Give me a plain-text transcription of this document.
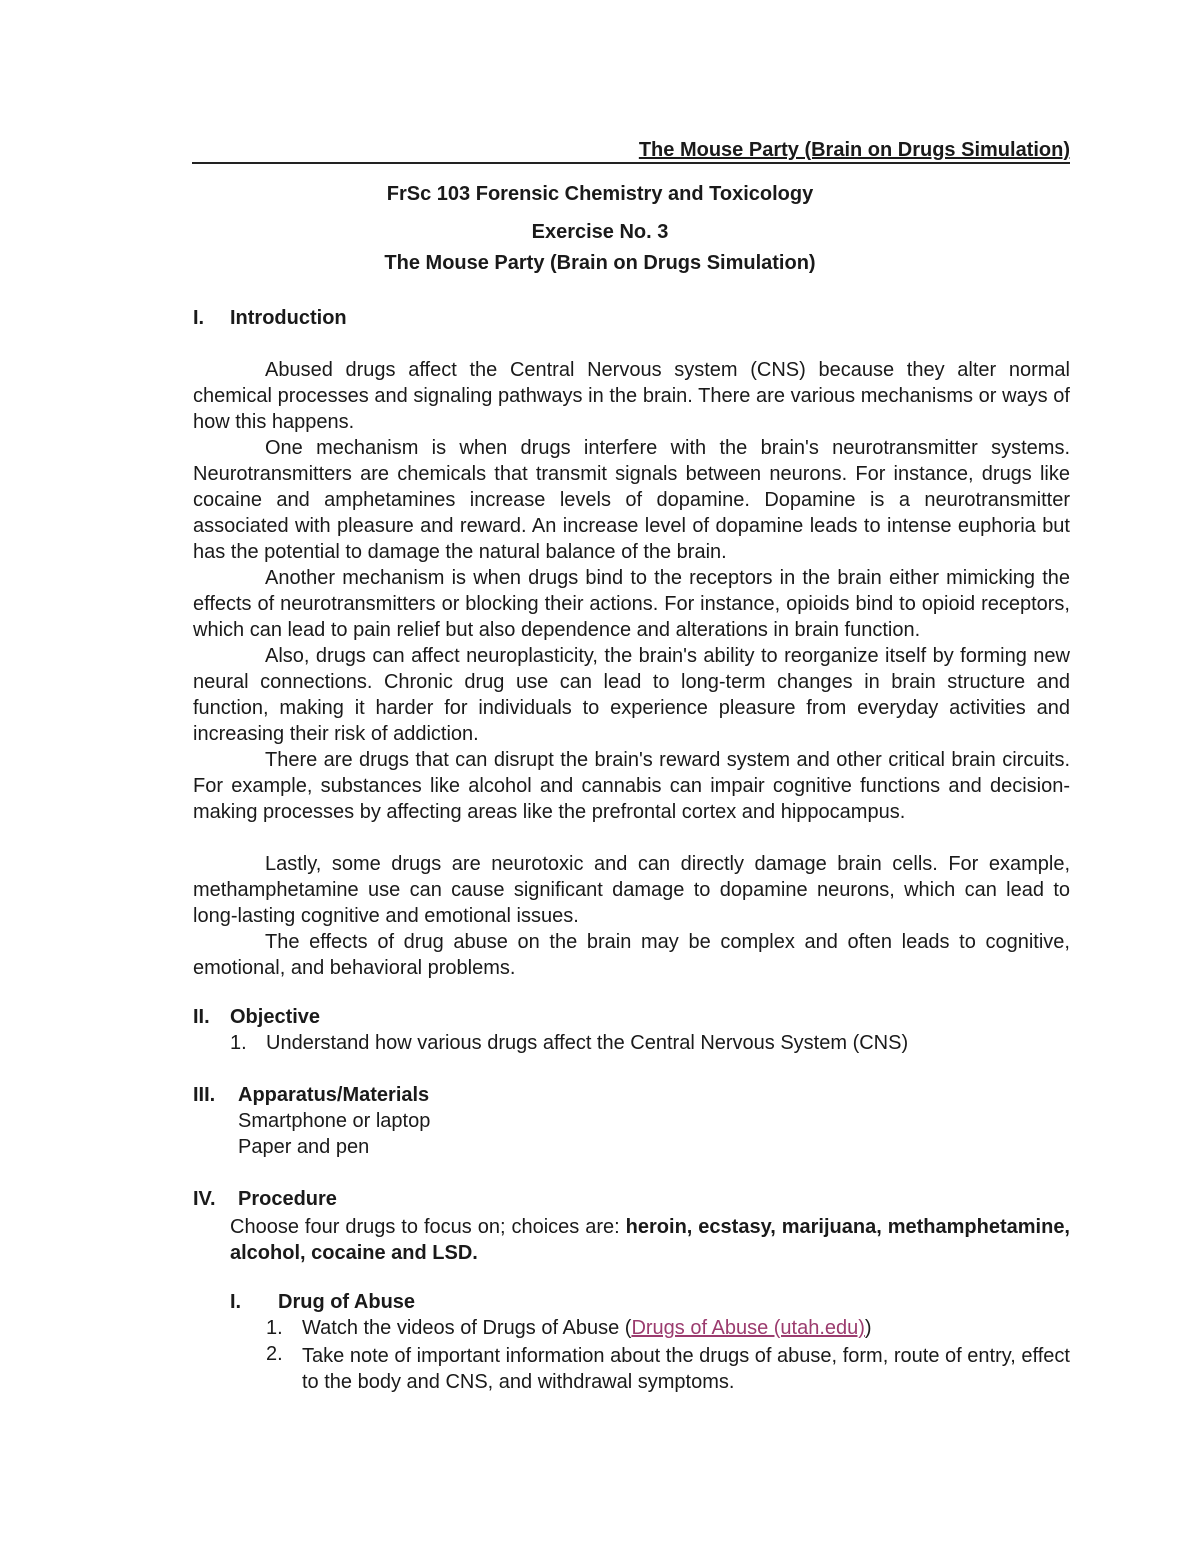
The Mouse Party (Brain on Drugs Simulation)
FrSc 103 Forensic Chemistry and Toxicology
Exercise No. 3
The Mouse Party (Brain on Drugs Simulation)
I. Introduction
Abused drugs affect the Central Nervous system (CNS) because they alter normal chemical processes and signaling pathways in the brain. There are various mechanisms or ways of how this happens.
One mechanism is when drugs interfere with the brain's neurotransmitter systems. Neurotransmitters are chemicals that transmit signals between neurons. For instance, drugs like cocaine and amphetamines increase levels of dopamine. Dopamine is a neurotransmitter associated with pleasure and reward. An increase level of dopamine leads to intense euphoria but has the potential to damage the natural balance of the brain.
Another mechanism is when drugs bind to the receptors in the brain either mimicking the effects of neurotransmitters or blocking their actions. For instance, opioids bind to opioid receptors, which can lead to pain relief but also dependence and alterations in brain function.
Also, drugs can affect neuroplasticity, the brain's ability to reorganize itself by forming new neural connections. Chronic drug use can lead to long-term changes in brain structure and function, making it harder for individuals to experience pleasure from everyday activities and increasing their risk of addiction.
There are drugs that can disrupt the brain's reward system and other critical brain circuits. For example, substances like alcohol and cannabis can impair cognitive functions and decision-making processes by affecting areas like the prefrontal cortex and hippocampus.
Lastly, some drugs are neurotoxic and can directly damage brain cells. For example, methamphetamine use can cause significant damage to dopamine neurons, which can lead to long-lasting cognitive and emotional issues.
The effects of drug abuse on the brain may be complex and often leads to cognitive, emotional, and behavioral problems.
II. Objective
1. Understand how various drugs affect the Central Nervous System (CNS)
III. Apparatus/Materials
Smartphone or laptop
Paper and pen
IV. Procedure
Choose four drugs to focus on; choices are: heroin, ecstasy, marijuana, methamphetamine, alcohol, cocaine and LSD.
I. Drug of Abuse
1. Watch the videos of Drugs of Abuse (Drugs of Abuse (utah.edu))
2. Take note of important information about the drugs of abuse, form, route of entry, effect to the body and CNS, and withdrawal symptoms.
